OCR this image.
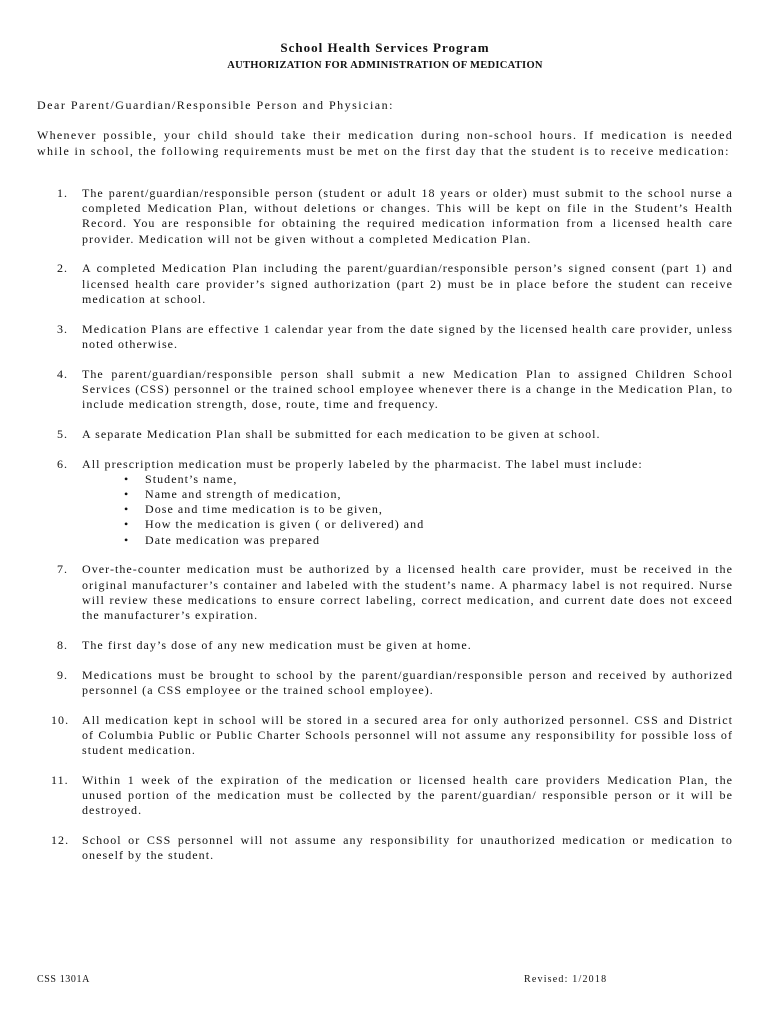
School Health Services Program
AUTHORIZATION FOR ADMINISTRATION OF MEDICATION
Dear Parent/Guardian/Responsible Person and Physician:
Whenever possible, your child should take their medication during non-school hours. If medication is needed while in school, the following requirements must be met on the first day that the student is to receive medication:
1. The parent/guardian/responsible person (student or adult 18 years or older) must submit to the school nurse a completed Medication Plan, without deletions or changes. This will be kept on file in the Student’s Health Record. You are responsible for obtaining the required medication information from a licensed health care provider. Medication will not be given without a completed Medication Plan.
2. A completed Medication Plan including the parent/guardian/responsible person’s signed consent (part 1) and licensed health care provider’s signed authorization (part 2) must be in place before the student can receive medication at school.
3. Medication Plans are effective 1 calendar year from the date signed by the licensed health care provider, unless noted otherwise.
4. The parent/guardian/responsible person shall submit a new Medication Plan to assigned Children School Services (CSS) personnel or the trained school employee whenever there is a change in the Medication Plan, to include medication strength, dose, route, time and frequency.
5. A separate Medication Plan shall be submitted for each medication to be given at school.
6. All prescription medication must be properly labeled by the pharmacist. The label must include:
• Student’s name,
• Name and strength of medication,
• Dose and time medication is to be given,
• How the medication is given ( or delivered) and
• Date medication was prepared
7. Over-the-counter medication must be authorized by a licensed health care provider, must be received in the original manufacturer’s container and labeled with the student’s name. A pharmacy label is not required. Nurse will review these medications to ensure correct labeling, correct medication, and current date does not exceed the manufacturer’s expiration.
8. The first day’s dose of any new medication must be given at home.
9. Medications must be brought to school by the parent/guardian/responsible person and received by authorized personnel (a CSS employee or the trained school employee).
10. All medication kept in school will be stored in a secured area for only authorized personnel. CSS and District of Columbia Public or Public Charter Schools personnel will not assume any responsibility for possible loss of student medication.
11. Within 1 week of the expiration of the medication or licensed health care providers Medication Plan, the unused portion of the medication must be collected by the parent/guardian/ responsible person or it will be destroyed.
12. School or CSS personnel will not assume any responsibility for unauthorized medication or medication to oneself by the student.
CSS 1301A	Revised: 1/2018
